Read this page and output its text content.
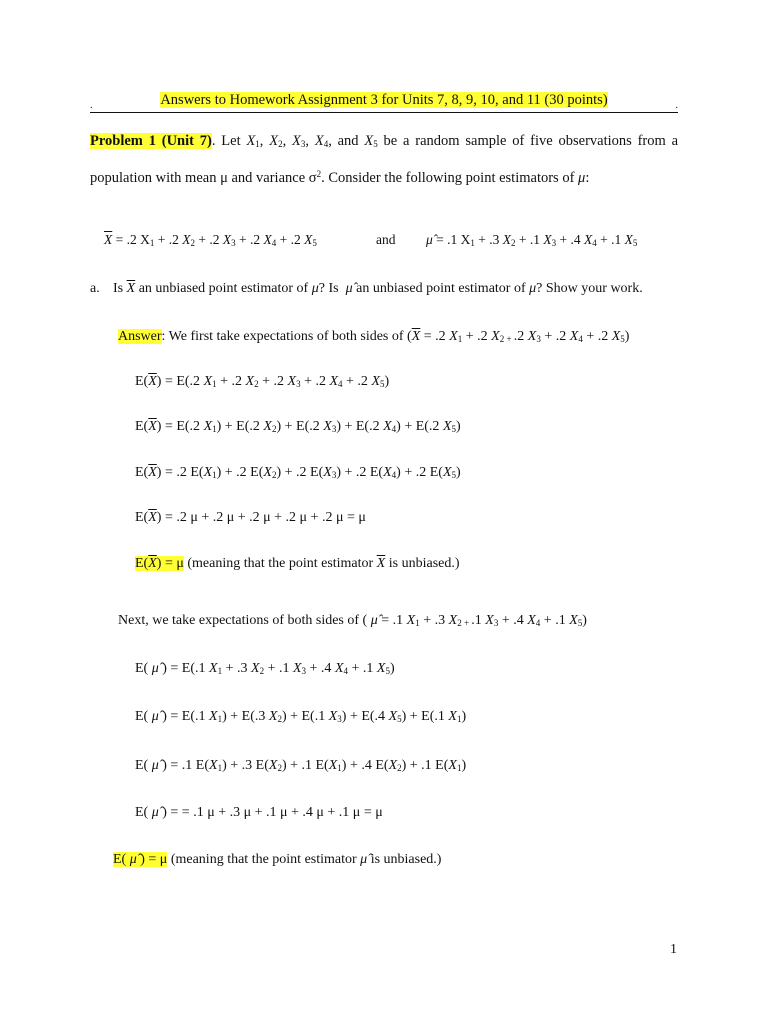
.	Answers to Homework Assignment 3 for Units 7, 8, 9, 10, and 11 (30 points)	.
Problem 1 (Unit 7). Let $X_1$, $X_2$, $X_3$, $X_4$, and $X_5$ be a random sample of five observations from a
population with mean μ and variance $\sigma^2$. Consider the following point estimators of μ:
$\overline{X} = .2$ $X_1 + .2$ $X_2 + .2$ $X_3 + .2$ $X_4 + .2$ $X_5$	and μ̂ = .1 $X_1 + .3$ $X_2 + .1$ $X_3 + .4$ $X_4 + .1$ $X_5$
a. Is $\overline{X}$ an unbiased point estimator of μ? Is  μ̂ an unbiased point estimator of μ? Show your work.
Answer: We first take expectations of both sides of ($\overline{X} = .2$ $X_1 + .2$ $X_{2 +}$ .2 $X_3 + .2$ $X_4 + .2$ $X_5$)
$E(\overline{X}) = E(.2$ $X_1 + .2$ $X_2 + .2$ $X_3 + .2$ $X_4 + .2$ $X_5$)
$E(\overline{X}) = E(.2$ $X_1) + E(.2$ $X_2) + E(.2$ $X_3) + E(.2$ $X_4) + E(.2$ $X_5$)
$E(\overline{X}) = .2$ $E(X_1) + .2$ $E(X_2) + .2$ $E(X_3) + .2$ $E(X_4) + .2$ $E(X_5)$
$E(\overline{X}) = .2$ μ + .2 μ + .2 μ + .2 μ + .2 μ = μ
$E(\overline{X}) = \mu$ (meaning that the point estimator $\overline{X}$ is unbiased.)
Next, we take expectations of both sides of ( μ̂ = .1 $X_1 + .3$ $X_{2 +}$ .1 $X_3 + .4$ $X_4 + .1$ $X_5$)
E( μ̂ ) = E(.1 $X_1 + .3$ $X_2 + .1$ $X_3 + .4$ $X_4 + .1$ $X_5$)
E( μ̂ ) = E(.1 $X_1) + E(.3$ $X_2) + E(.1$ $X_3) + E(.4$ $X_5) + E(.1$ $X_1$)
E( μ̂ ) = .1 $E(X_1) + .3$ $E(X_2) + .1$ $E(X_1) + .4$ $E(X_2) + .1$ $E(X_1)$
E( μ̂ ) = = .1 μ + .3 μ + .1 μ + .4 μ + .1 μ = μ
E( μ̂ ) = μ (meaning that the point estimator μ̂ is unbiased.)
1
